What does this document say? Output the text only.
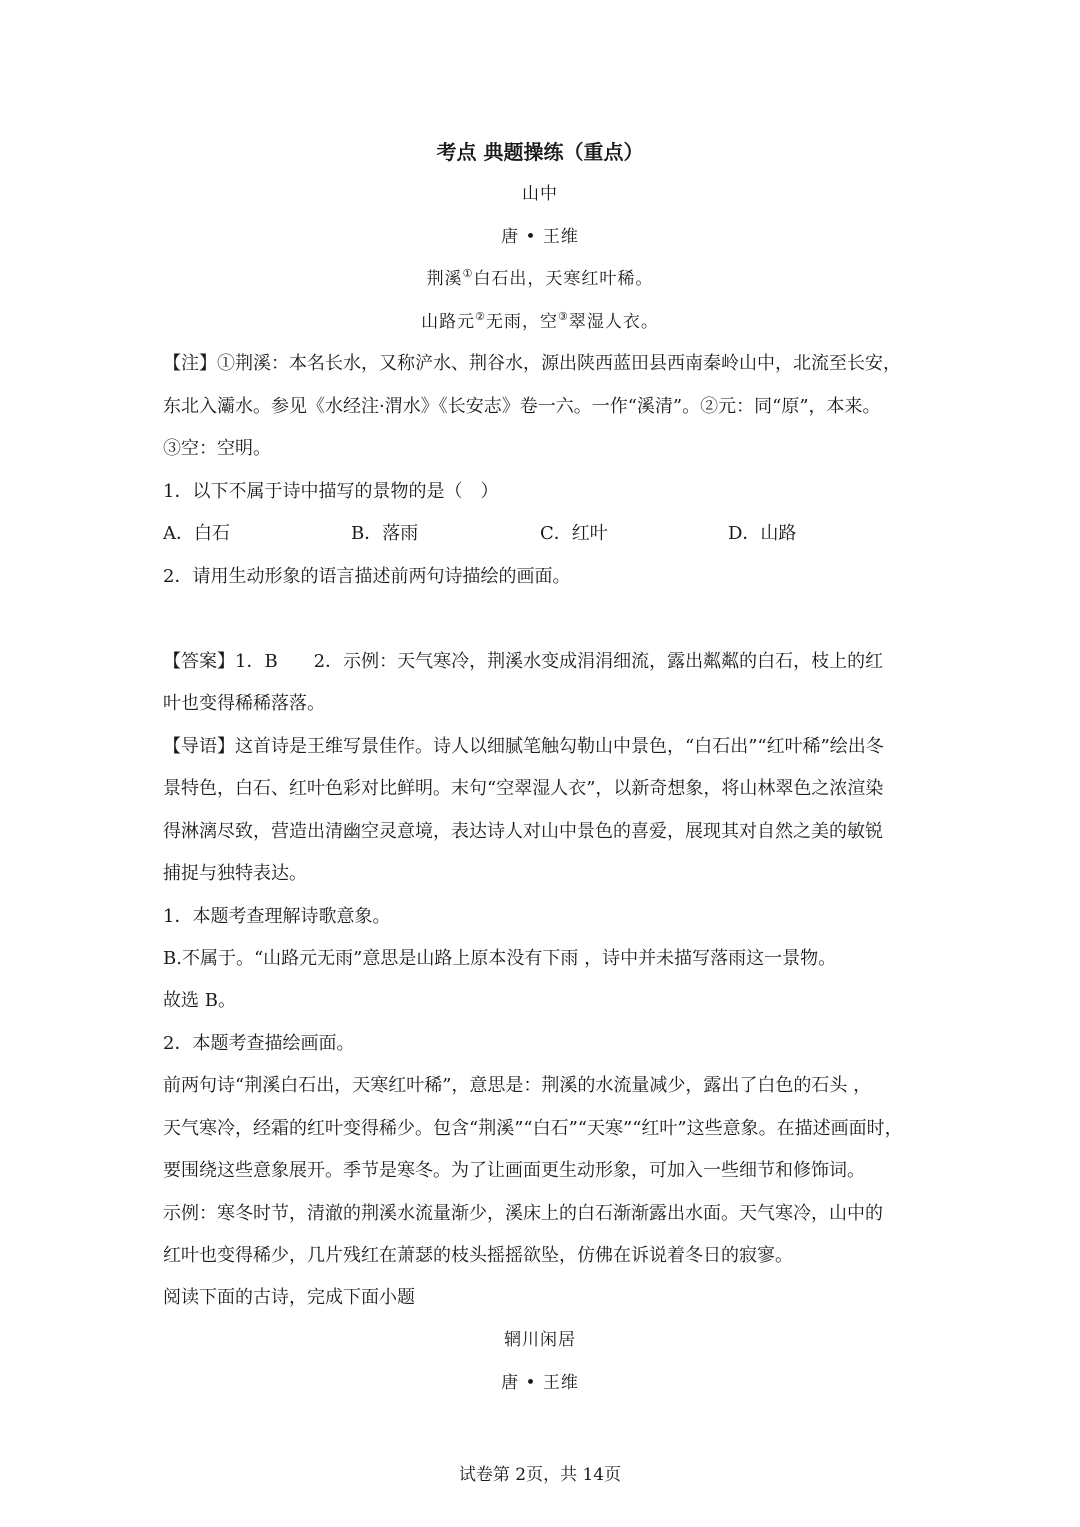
考点 典题操练（重点）
山中
唐 • 王维
荆溪①白石出，天寒红叶稀。
山路元②无雨，空③翠湿人衣。
【注】①荆溪：本名长水，又称浐水、荆谷水，源出陕西蓝田县西南秦岭山中，北流至长安，
东北入灞水。参见《水经注·渭水》《长安志》卷一六。一作“溪清”。②元：同“原”，本来。
③空：空明。
1．以下不属于诗中描写的景物的是（　）
A．白石	B．落雨	C．红叶	D．山路
2．请用生动形象的语言描述前两句诗描绘的画面。
【答案】1．B　　2．示例：天气寒冷，荆溪水变成涓涓细流，露出粼粼的白石，枝上的红
叶也变得稀稀落落。
【导语】这首诗是王维写景佳作。诗人以细腻笔触勾勒山中景色，“白石出”“红叶稀”绘出冬
景特色，白石、红叶色彩对比鲜明。末句“空翠湿人衣”，以新奇想象，将山林翠色之浓渲染
得淋漓尽致，营造出清幽空灵意境，表达诗人对山中景色的喜爱，展现其对自然之美的敏锐
捕捉与独特表达。
1．本题考查理解诗歌意象。
B.不属于。“山路元无雨”意思是山路上原本没有下雨 ，诗中并未描写落雨这一景物。
故选 B。
2．本题考查描绘画面。
前两句诗“荆溪白石出，天寒红叶稀”，意思是：荆溪的水流量减少，露出了白色的石头 ，
天气寒冷，经霜的红叶变得稀少。包含“荆溪”“白石”“天寒”“红叶”这些意象。在描述画面时，
要围绕这些意象展开。季节是寒冬。为了让画面更生动形象，可加入一些细节和修饰词。
示例：寒冬时节，清澈的荆溪水流量渐少，溪床上的白石渐渐露出水面。天气寒冷，山中的
红叶也变得稀少，几片残红在萧瑟的枝头摇摇欲坠，仿佛在诉说着冬日的寂寥。
阅读下面的古诗，完成下面小题
辋川闲居
唐 • 王维
试卷第 2页，共 14页
